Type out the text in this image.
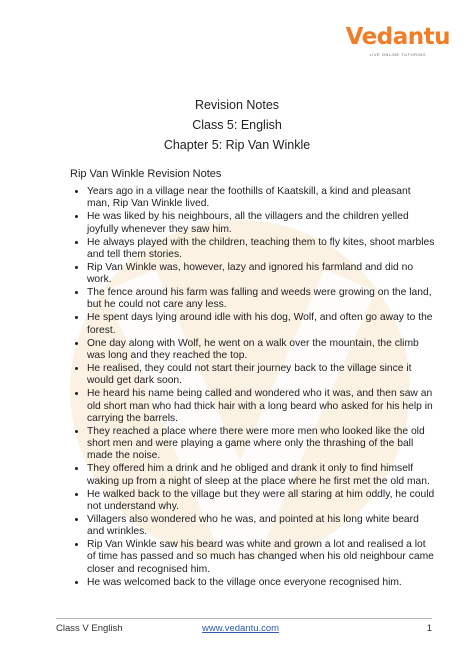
Vedantu
LIVE ONLINE TUTORING
Revision Notes
Class 5: English
Chapter 5: Rip Van Winkle
Rip Van Winkle Revision Notes
• Years ago in a village near the foothills of Kaatskill, a kind and pleasant man, Rip Van Winkle lived.
• He was liked by his neighbours, all the villagers and the children yelled joyfully whenever they saw him.
• He always played with the children, teaching them to fly kites, shoot marbles and tell them stories.
• Rip Van Winkle was, however, lazy and ignored his farmland and did no work.
• The fence around his farm was falling and weeds were growing on the land, but he could not care any less.
• He spent days lying around idle with his dog, Wolf, and often go away to the forest.
• One day along with Wolf, he went on a walk over the mountain, the climb was long and they reached the top.
• He realised, they could not start their journey back to the village since it would get dark soon.
• He heard his name being called and wondered who it was, and then saw an old short man who had thick hair with a long beard who asked for his help in carrying the barrels.
• They reached a place where there were more men who looked like the old short men and were playing a game where only the thrashing of the ball made the noise.
• They offered him a drink and he obliged and drank it only to find himself waking up from a night of sleep at the place where he first met the old man.
• He walked back to the village but they were all staring at him oddly, he could not understand why.
• Villagers also wondered who he was, and pointed at his long white beard and wrinkles.
• Rip Van Winkle saw his beard was white and grown a lot and realised a lot of time has passed and so much has changed when his old neighbour came closer and recognised him.
• He was welcomed back to the village once everyone recognised him.
Class V English	www.vedantu.com	1
